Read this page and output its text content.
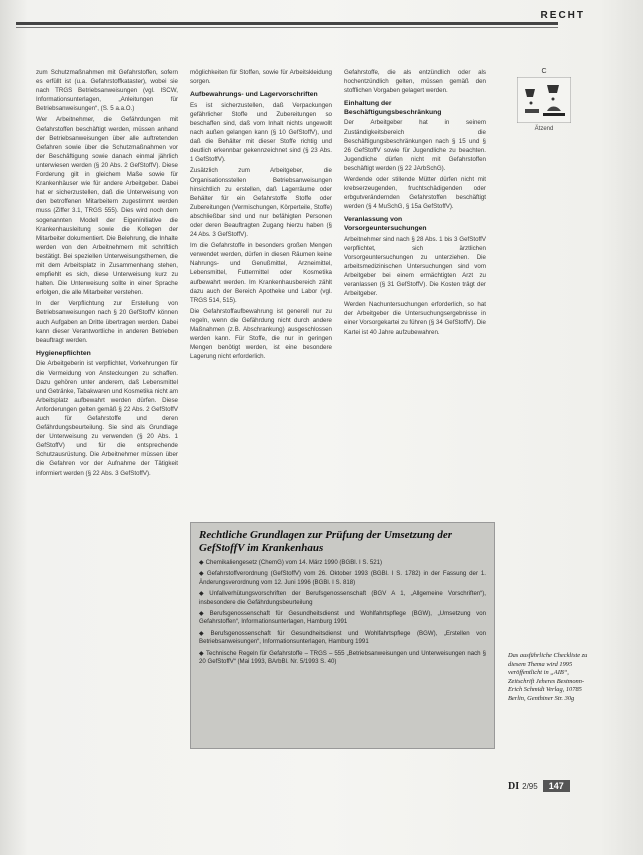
RECHT

zum Schutzmaßnahmen mit Gefahrstoffen, sofern es erfüllt ist (u.a. Gefahrstoffkataster), wobei sie nach TRGS Betriebsanweisungen (vgl. ISCW, Informationsunterlagen, „Anleitungen für Betriebsanweisungen“, (S. 5 a.a.O.)

Wer Arbeitnehmer, die Gefährdungen mit Gefahrstoffen beschäftigt werden, müssen anhand der Betriebsanweisungen über alle auftretenden Gefahren sowie über die Schutzmaßnahmen vor der Beschäftigung sowie danach einmal jährlich unterwiesen werden (§ 20 Abs. 2 GefStoffV). Diese Forderung gilt in gleichem Maße sowie für Krankenhäuser wie für andere Arbeitgeber. Dabei hat er sicherzustellen, daß die Unterweisung von den betroffenen Mitarbeitern zugestimmt werden muss (Ziffer 3.1, TRGS 555). Dies wird noch dem sogenannten Modell der Eigeninitiative die Krankenhausleitung sowie die Kollegen der Mitarbeiter dokumentiert. Die Belehrung, die Inhalte werden von den Arbeitnehmern mit schriftlich bestätigt. Bei speziellen Unterweisungsthemen, die mit dem Arbeitsplatz in Zusammenhang stehen, empfiehlt es sich, diese Unterweisung kurz zu halten. Die Unterweisung sollte in einer Sprache erfolgen, die alle Mitarbeiter verstehen.

In der Verpflichtung zur Erstellung von Betriebsanweisungen nach § 20 GefStoffV können auch Aufgaben an Dritte übertragen werden. Dabei kann dieser Verantwortliche in anderen Betrieben beauftragt werden.

Hygienepflichten

Die Arbeitgeberin ist verpflichtet, Vorkehrungen für die Vermeidung von Ansteckungen zu schaffen. Dazu gehören unter anderem, daß Lebensmittel und Getränke, Tabakwaren und Kosmetika nicht am Arbeitsplatz aufbewahrt werden dürfen. Diese Anforderungen gelten gemäß § 22 Abs. 2 GefStoffV auch für Gefahrstoffe und deren Gefährdungsbeurteilung. Sie sind als Grundlage der Unterweisung zu verwenden (§ 20 Abs. 1 GefStoffV) und für die entsprechende Schutzausrüstung. Die Arbeitnehmer müssen über die Gefahren vor der Aufnahme der Tätigkeit informiert werden (§ 22 Abs. 3 GefStoffV).

möglichkeiten für Stoffen, sowie für Arbeitskleidung sorgen.

Aufbewahrungs- und Lagervorschriften

Es ist sicherzustellen, daß Verpackungen gefährlicher Stoffe und Zubereitungen so beschaffen sind, daß vom Inhalt nichts ungewollt nach außen gelangen kann (§ 10 GefStoffV), und daß die Behälter mit dieser Stoffe richtig und deutlich erkennbar gekennzeichnet sind (§ 23 Abs. 1 GefStoffV).

Zusätzlich zum Arbeitgeber, die Organisationsstellen Betriebsanweisungen hinsichtlich zu erstellen, daß Lagerräume oder Behälter für ein Gefahrstoffe Stoffe oder Zubereitungen (Vermischungen, Körperteile, Stoffe) abschließbar sind und nur befähigten Personen oder deren Beauftragten Zugang hierzu haben (§ 24 Abs. 3 GefStoffV).

Im die Gefahrstoffe in besonders großen Mengen verwendet werden, dürfen in diesen Räumen keine Nahrungs- und Genußmittel, Arzneimittel, Lebensmittel, Futtermittel oder Kosmetika aufbewahrt werden. Im Krankenhausbereich zählt dazu auch der Bereich Apotheke und Labor (vgl. TRGS 514, 515).

Die Gefahrstoffaufbewahrung ist generell nur zu regeln, wenn die Gefährdung nicht durch andere Maßnahmen (z.B. Abschrankung) ausgeschlossen werden kann. Für Stoffe, die nur in geringen Mengen benötigt werden, ist eine besondere Lagerung nicht erforderlich.

Gefahrstoffe, die als entzündlich oder als hochentzündlich gelten, müssen gemäß den stofflichen Vorgaben gelagert werden.

Einhaltung der Beschäftigungsbeschränkung

Der Arbeitgeber hat in seinem Zuständigkeitsbereich die Beschäftigungsbeschränkungen nach § 15 und § 26 GefStoffV sowie für Jugendliche zu beachten. Jugendliche dürfen nicht mit Gefahrstoffen beschäftigt werden (§ 22 JArbSchG).

Werdende oder stillende Mütter dürfen nicht mit krebserzeugenden, fruchtschädigenden oder erbgutverändernden Gefahrstoffen beschäftigt werden (§ 4 MuSchG, § 15a GefStoffV).

Veranlassung von Vorsorgeuntersuchungen

Arbeitnehmer sind nach § 28 Abs. 1 bis 3 GefStoffV verpflichtet, sich ärztlichen Vorsorgeuntersuchungen zu unterziehen. Die arbeitsmedizinischen Untersuchungen sind vom Arbeitgeber bei einem ermächtigten Arzt zu veranlassen (§ 31 GefStoffV). Die Kosten trägt der Arbeitgeber.

Werden Nachuntersuchungen erforderlich, so hat der Arbeitgeber die Untersuchungsergebnisse in einer Vorsorgekartei zu führen (§ 34 GefStoffV). Die Kartei ist 40 Jahre aufzubewahren.

C
Ätzend
Rechtliche Grundlagen zur Prüfung der Umsetzung der GefStoffV im Krankenhaus
◆ Chemikaliengesetz (ChemG) vom 14. März 1990 (BGBl. I S. 521)
◆ Gefahrstoffverordnung (GefStoffV) vom 26. Oktober 1993 (BGBl. I S. 1782) in der Fassung der 1. Änderungsverordnung vom 12. Juni 1996 (BGBl. I S. 818)
◆ Unfallverhütungsvorschriften der Berufsgenossenschaft (BGV A 1, „Allgemeine Vorschriften“), insbesondere die Gefährdungsbeurteilung
◆ Berufsgenossenschaft für Gesundheitsdienst und Wohlfahrtspflege (BGW), „Umsetzung von Gefahrstoffen“, Informationsunterlagen, Hamburg 1991
◆ Berufsgenossenschaft für Gesundheitsdienst und Wohlfahrtspflege (BGW), „Erstellen von Betriebsanweisungen“, Informationsunterlagen, Hamburg 1991
◆ Technische Regeln für Gefahrstoffe – TRGS – 555 „Betriebsanweisungen und Unterweisungen nach § 20 GefStoffV“ (Mai 1993, BArbBl. Nr. 5/1993 S. 40)
Das ausführliche Checkliste zu diesem Thema wird 1995 veröffentlicht in „AIB“, Zeitschrift Jeheres Bestmonn- Erich Schmidt Verlag, 10785 Berlin, Genthiner Str. 30g
DI 2/95	147
